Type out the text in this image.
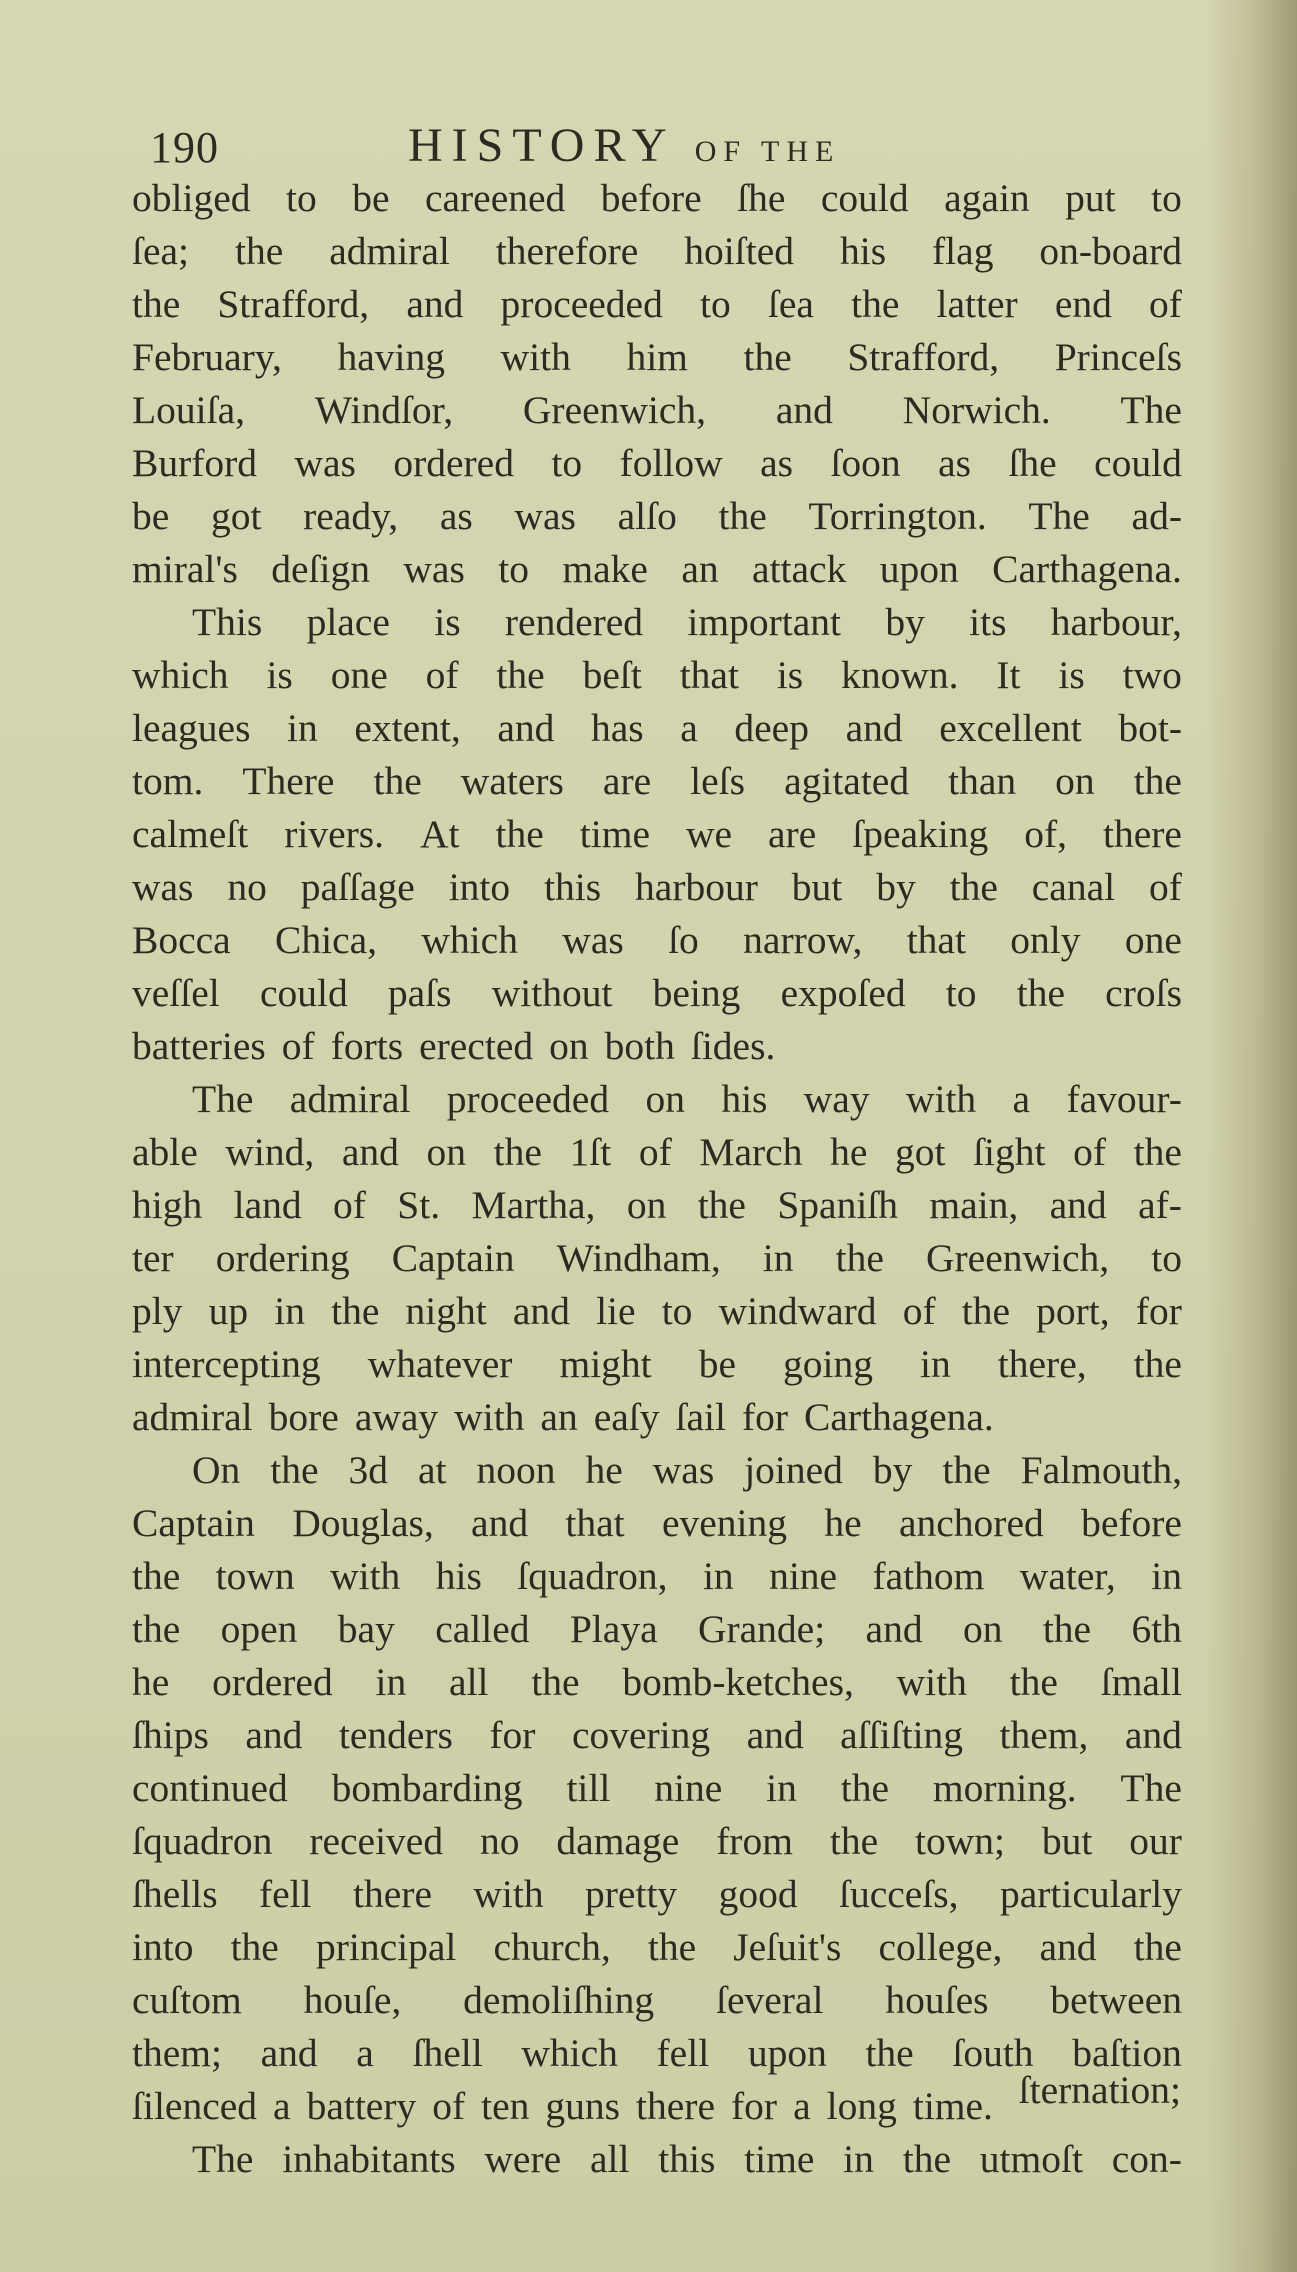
190	HISTORY OF THE
obliged to be careened before ſhe could again put to
ſea; the admiral therefore hoiſted his flag on-board
the Strafford, and proceeded to ſea the latter end of
February, having with him the Strafford, Princeſs
Louiſa, Windſor, Greenwich, and Norwich. The
Burford was ordered to follow as ſoon as ſhe could
be got ready, as was alſo the Torrington. The ad-
miral's deſign was to make an attack upon Carthagena.
This place is rendered important by its harbour,
which is one of the beſt that is known. It is two
leagues in extent, and has a deep and excellent bot-
tom. There the waters are leſs agitated than on the
calmeſt rivers. At the time we are ſpeaking of, there
was no paſſage into this harbour but by the canal of
Bocca Chica, which was ſo narrow, that only one
veſſel could paſs without being expoſed to the croſs
batteries of forts erected on both ſides.
The admiral proceeded on his way with a favour-
able wind, and on the 1ſt of March he got ſight of the
high land of St. Martha, on the Spaniſh main, and af-
ter ordering Captain Windham, in the Greenwich, to
ply up in the night and lie to windward of the port, for
intercepting whatever might be going in there, the
admiral bore away with an eaſy ſail for Carthagena.
On the 3d at noon he was joined by the Falmouth,
Captain Douglas, and that evening he anchored before
the town with his ſquadron, in nine fathom water, in
the open bay called Playa Grande; and on the 6th
he ordered in all the bomb-ketches, with the ſmall
ſhips and tenders for covering and aſſiſting them, and
continued bombarding till nine in the morning. The
ſquadron received no damage from the town; but our
ſhells fell there with pretty good ſucceſs, particularly
into the principal church, the Jeſuit's college, and the
cuſtom houſe, demoliſhing ſeveral houſes between
them; and a ſhell which fell upon the ſouth baſtion
ſilenced a battery of ten guns there for a long time.
The inhabitants were all this time in the utmoſt con-
ſternation;
